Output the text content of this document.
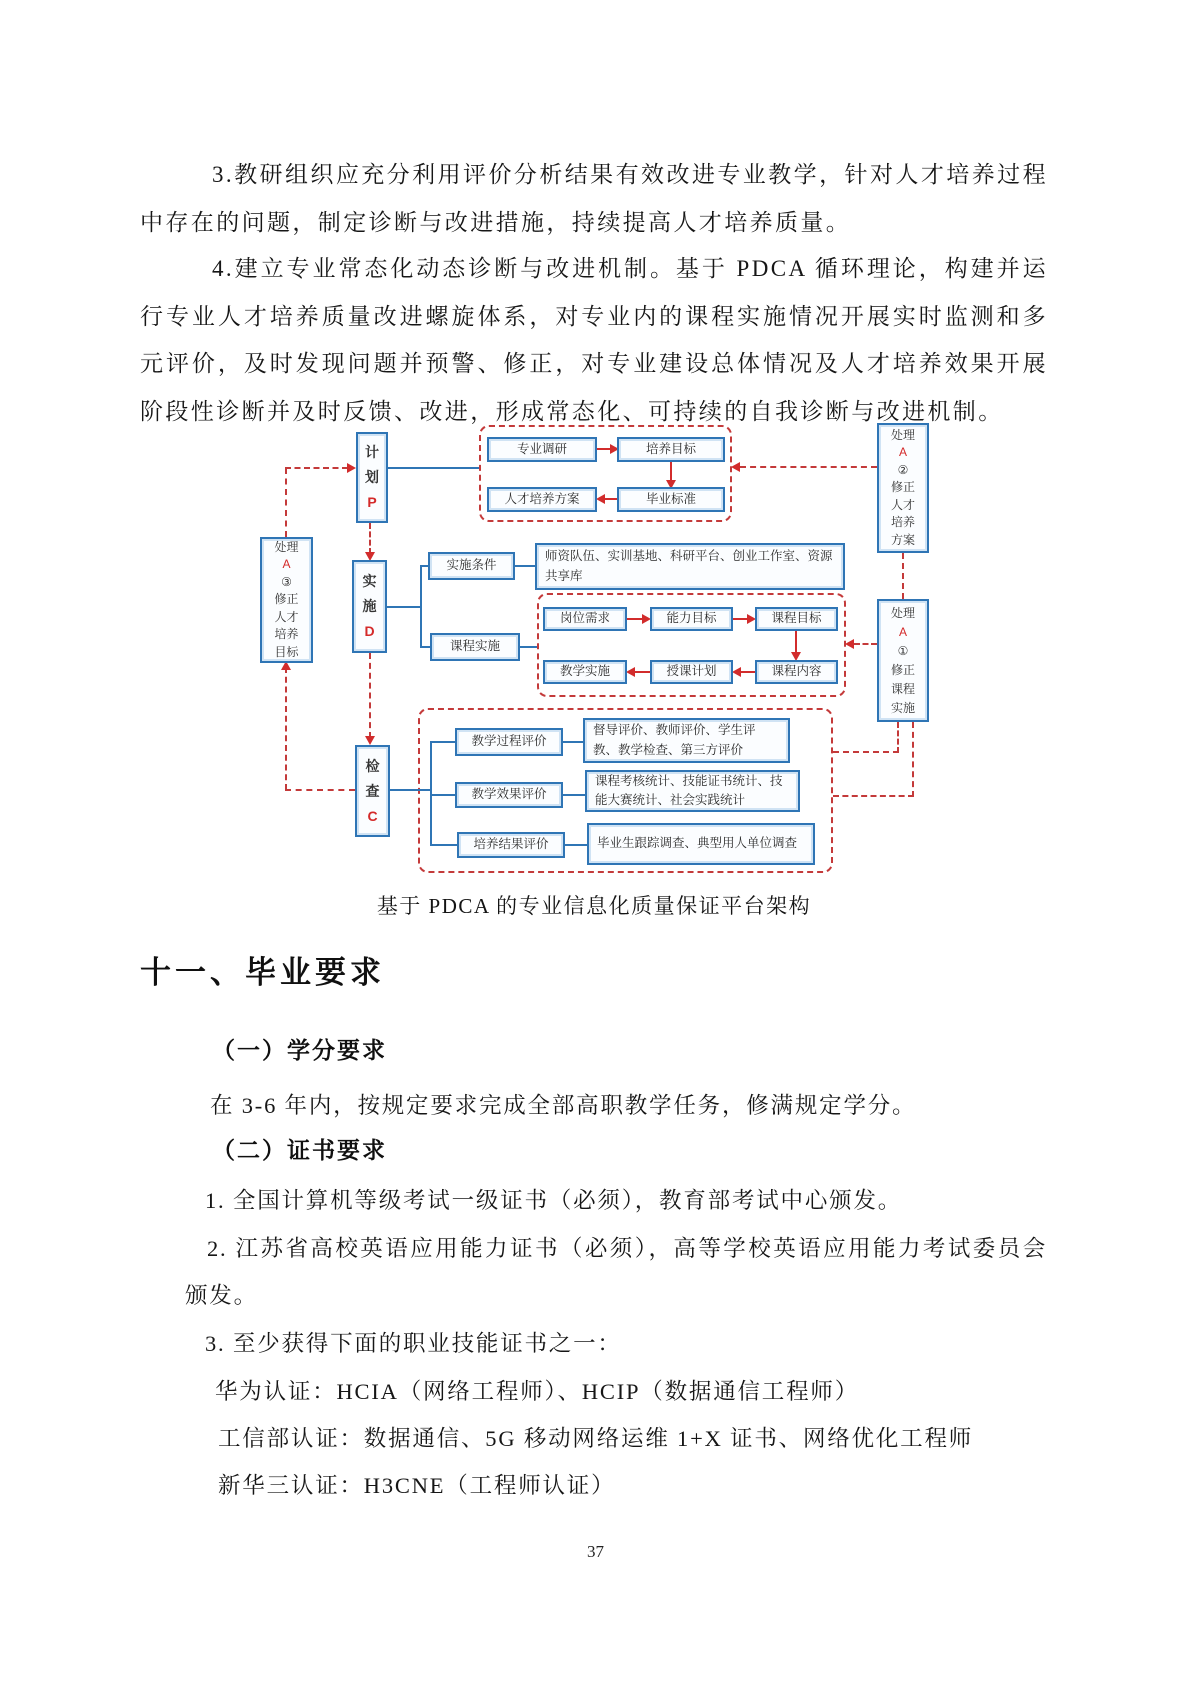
3.教研组织应充分利用评价分析结果有效改进专业教学，针对人才培养过程中存在的问题，制定诊断与改进措施，持续提高人才培养质量。

4.建立专业常态化动态诊断与改进机制。基于 PDCA 循环理论，构建并运行专业人才培养质量改进螺旋体系，对专业内的课程实施情况开展实时监测和多元评价，及时发现问题并预警、修正，对专业建设总体情况及人才培养效果开展阶段性诊断并及时反馈、改进，形成常态化、可持续的自我诊断与改进机制。

计
划
P
实
施
D
检
查
C
处理
A
③
修正
人才
培养
目标
处理
A
②
修正
人才
培养
方案
处理
A
①
修正
课程
实施
专业调研	培养目标
人才培养方案	毕业标准
实施条件
师资队伍、实训基地、科研平台、创业工作室、资源共享库
课程实施
岗位需求	能力目标	课程目标
教学实施	授课计划	课程内容
教学过程评价
督导评价、教师评价、学生评教、教学检查、第三方评价
教学效果评价
课程考核统计、技能证书统计、技能大赛统计、社会实践统计
培养结果评价	毕业生跟踪调查、典型用人单位调查
基于 PDCA 的专业信息化质量保证平台架构
十一、毕业要求
（一）学分要求
在 3-6 年内，按规定要求完成全部高职教学任务，修满规定学分。
（二）证书要求
1. 全国计算机等级考试一级证书（必须），教育部考试中心颁发。
2. 江苏省高校英语应用能力证书（必须），高等学校英语应用能力考试委员会颁发。
3. 至少获得下面的职业技能证书之一：
华为认证：HCIA（网络工程师）、HCIP（数据通信工程师）
工信部认证：数据通信、5G 移动网络运维 1+X 证书、网络优化工程师
新华三认证：H3CNE（工程师认证）
37
